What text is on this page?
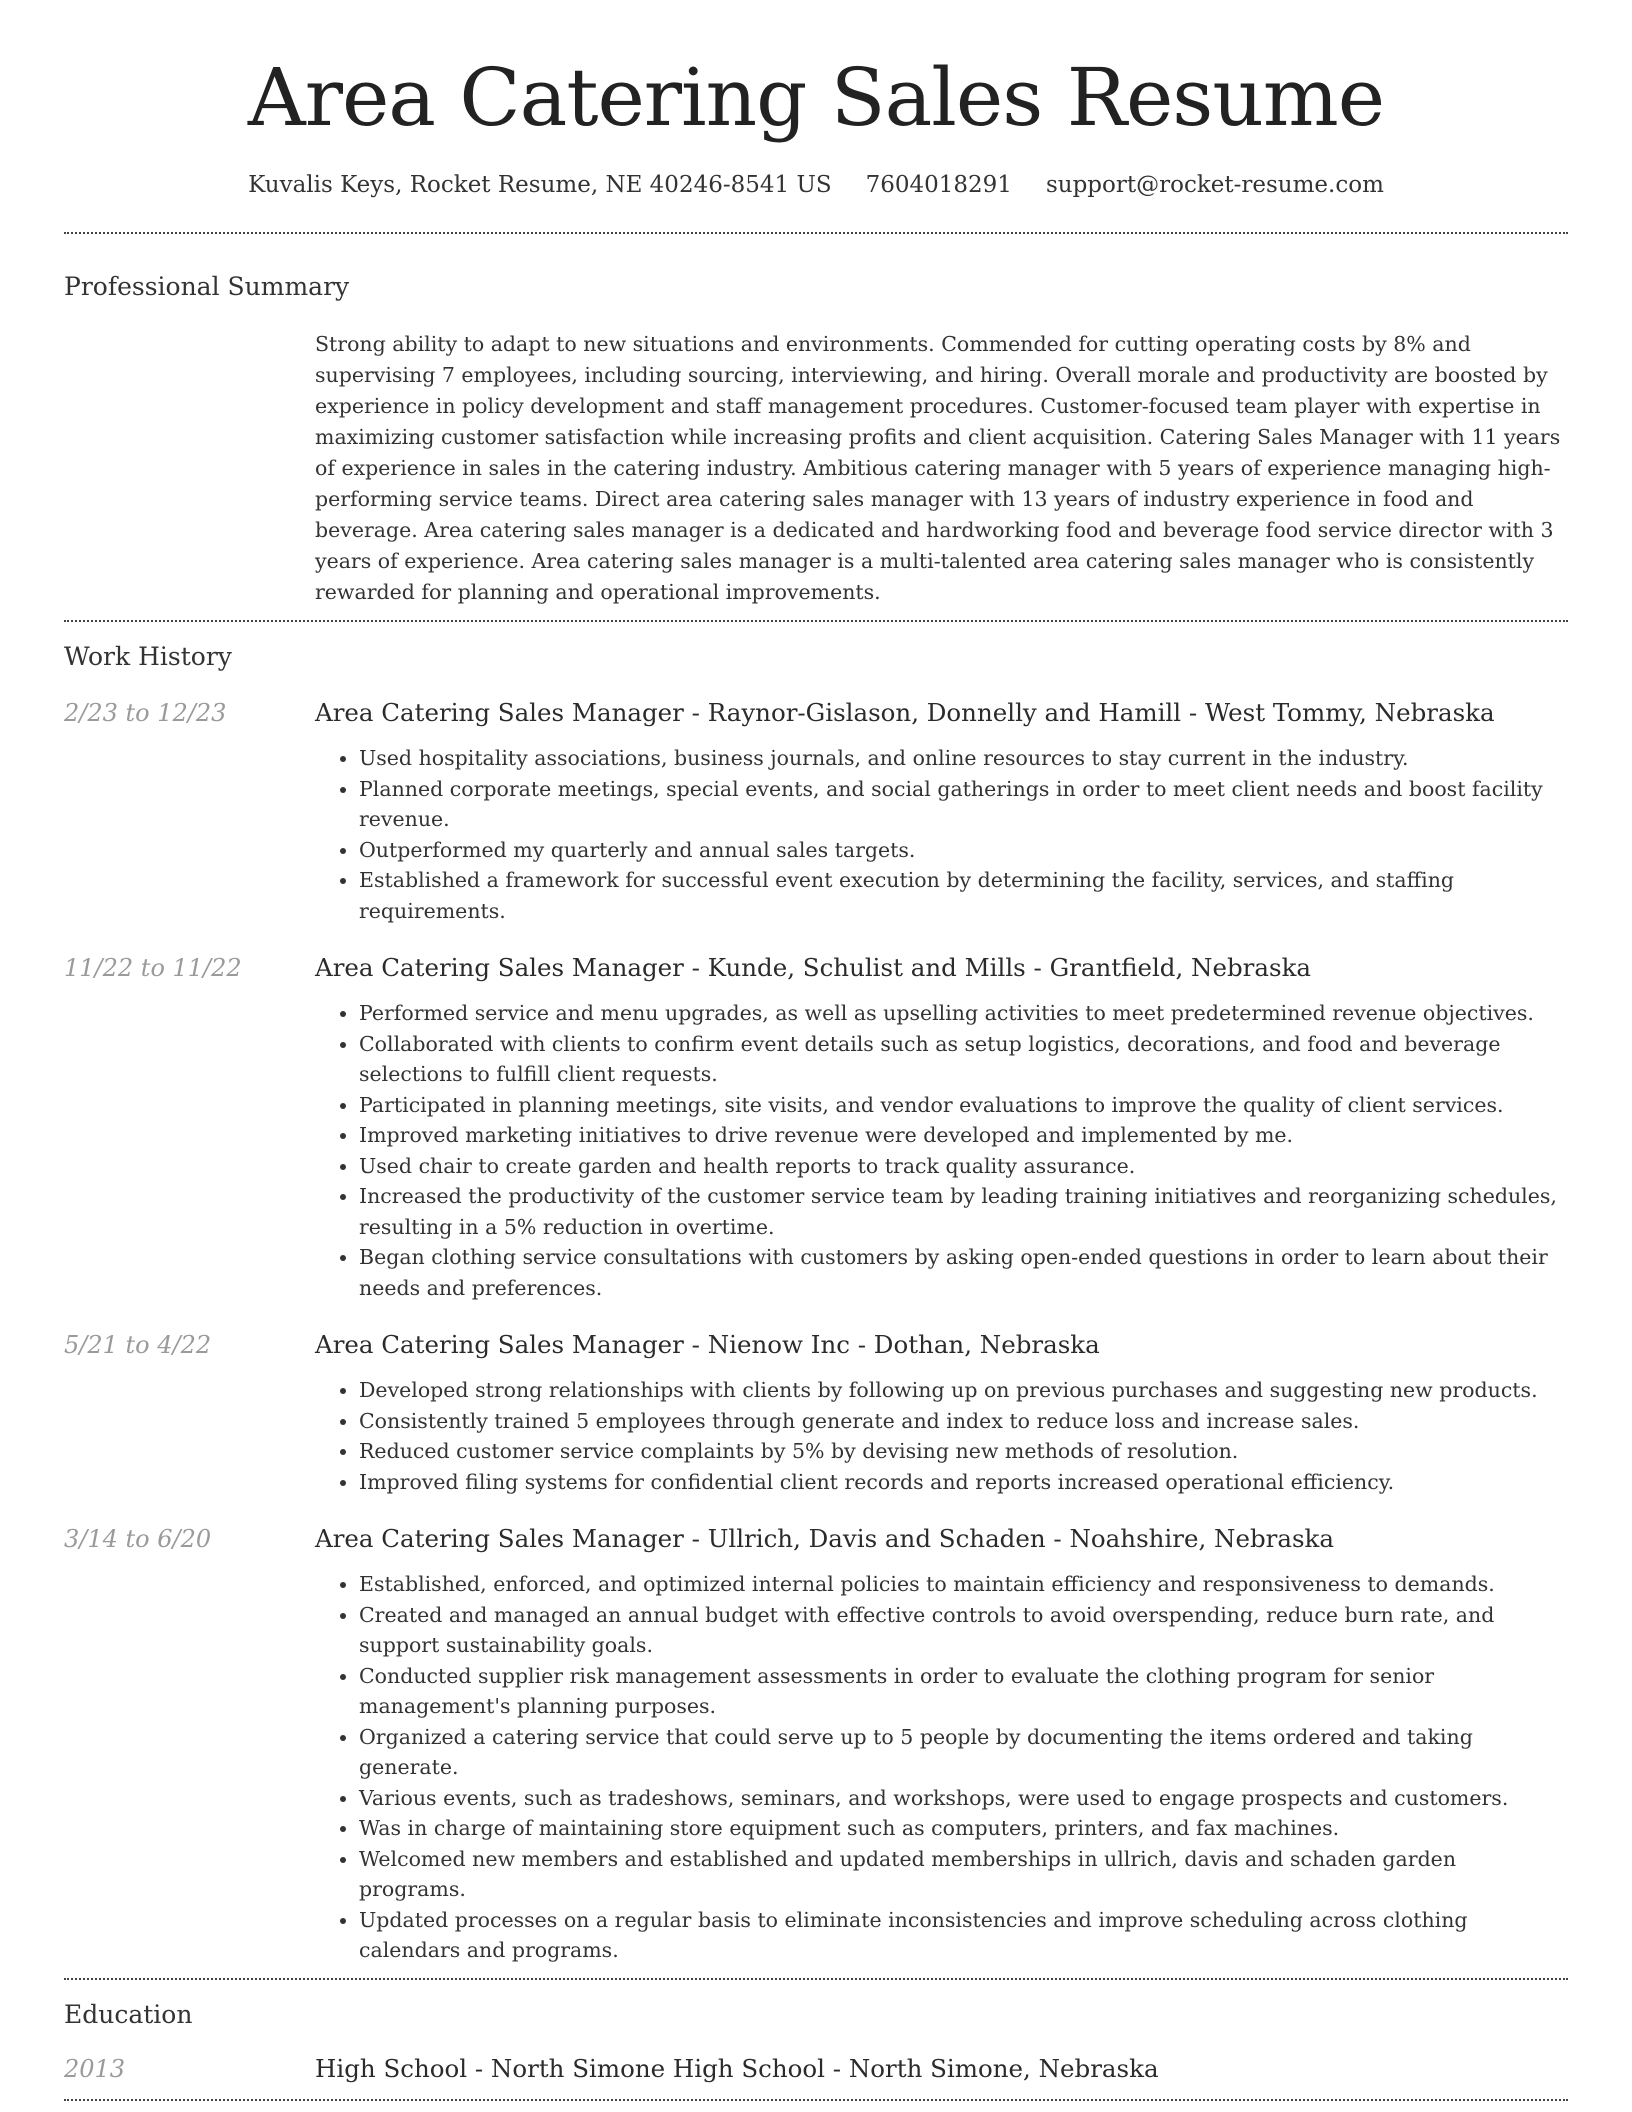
Area Catering Sales Resume
Kuvalis Keys, Rocket Resume, NE 40246-8541 US 7604018291 support@rocket-resume.com
Professional Summary
Strong ability to adapt to new situations and environments. Commended for cutting operating costs by 8% and supervising 7 employees, including sourcing, interviewing, and hiring. Overall morale and productivity are boosted by experience in policy development and staff management procedures. Customer-focused team player with expertise in maximizing customer satisfaction while increasing profits and client acquisition. Catering Sales Manager with 11 years of experience in sales in the catering industry. Ambitious catering manager with 5 years of experience managing high-performing service teams. Direct area catering sales manager with 13 years of industry experience in food and beverage. Area catering sales manager is a dedicated and hardworking food and beverage food service director with 3 years of experience. Area catering sales manager is a multi-talented area catering sales manager who is consistently rewarded for planning and operational improvements.
Work History
2/23 to 12/23	Area Catering Sales Manager - Raynor-Gislason, Donnelly and Hamill - West Tommy, Nebraska
• Used hospitality associations, business journals, and online resources to stay current in the industry.
• Planned corporate meetings, special events, and social gatherings in order to meet client needs and boost facility revenue.
• Outperformed my quarterly and annual sales targets.
• Established a framework for successful event execution by determining the facility, services, and staffing requirements.
11/22 to 11/22	Area Catering Sales Manager - Kunde, Schulist and Mills - Grantfield, Nebraska
• Performed service and menu upgrades, as well as upselling activities to meet predetermined revenue objectives.
• Collaborated with clients to confirm event details such as setup logistics, decorations, and food and beverage selections to fulfill client requests.
• Participated in planning meetings, site visits, and vendor evaluations to improve the quality of client services.
• Improved marketing initiatives to drive revenue were developed and implemented by me.
• Used chair to create garden and health reports to track quality assurance.
• Increased the productivity of the customer service team by leading training initiatives and reorganizing schedules, resulting in a 5% reduction in overtime.
• Began clothing service consultations with customers by asking open-ended questions in order to learn about their needs and preferences.
5/21 to 4/22	Area Catering Sales Manager - Nienow Inc - Dothan, Nebraska
• Developed strong relationships with clients by following up on previous purchases and suggesting new products.
• Consistently trained 5 employees through generate and index to reduce loss and increase sales.
• Reduced customer service complaints by 5% by devising new methods of resolution.
• Improved filing systems for confidential client records and reports increased operational efficiency.
3/14 to 6/20	Area Catering Sales Manager - Ullrich, Davis and Schaden - Noahshire, Nebraska
• Established, enforced, and optimized internal policies to maintain efficiency and responsiveness to demands.
• Created and managed an annual budget with effective controls to avoid overspending, reduce burn rate, and support sustainability goals.
• Conducted supplier risk management assessments in order to evaluate the clothing program for senior management's planning purposes.
• Organized a catering service that could serve up to 5 people by documenting the items ordered and taking generate.
• Various events, such as tradeshows, seminars, and workshops, were used to engage prospects and customers.
• Was in charge of maintaining store equipment such as computers, printers, and fax machines.
• Welcomed new members and established and updated memberships in ullrich, davis and schaden garden programs.
• Updated processes on a regular basis to eliminate inconsistencies and improve scheduling across clothing calendars and programs.
Education
2013	High School - North Simone High School - North Simone, Nebraska
